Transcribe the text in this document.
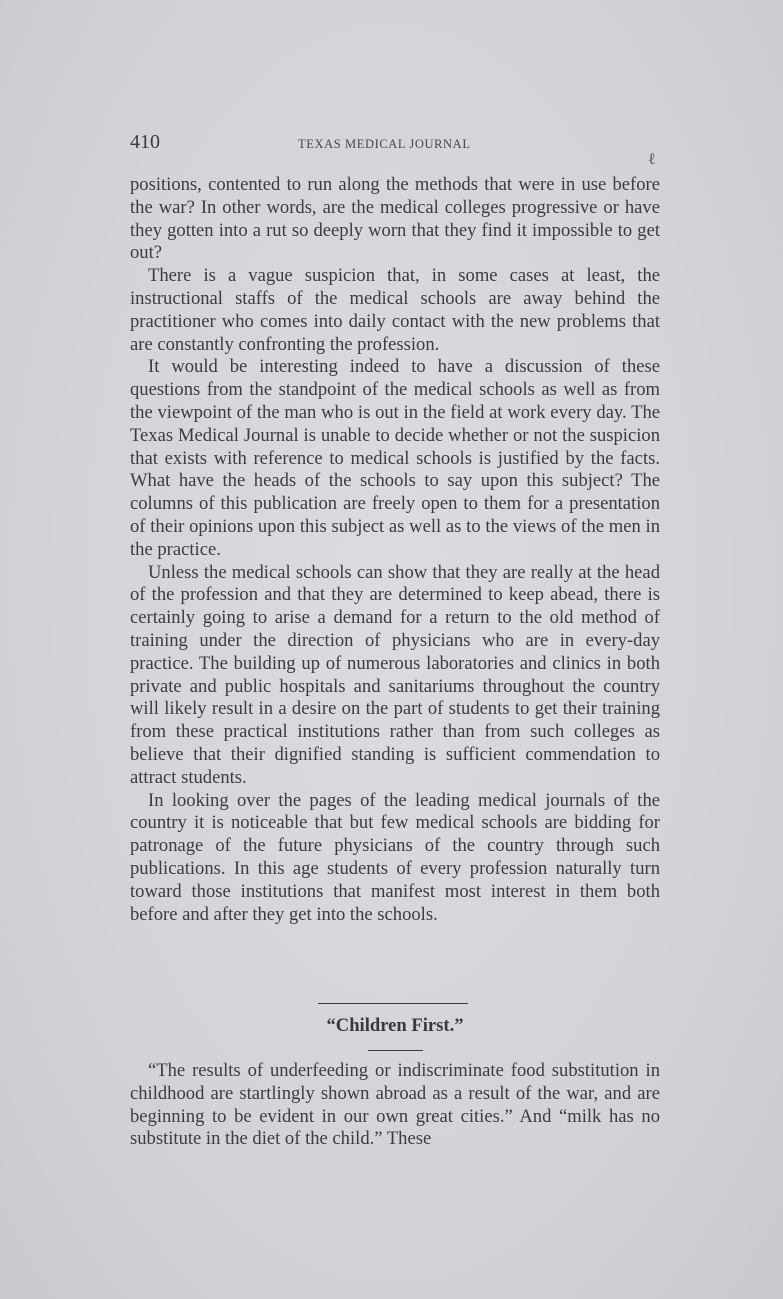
410	TEXAS MEDICAL JOURNAL
ℓ

positions, contented to run along the methods that were in use before the war? In other words, are the medical colleges progressive or have they gotten into a rut so deeply worn that they find it impossible to get out?

There is a vague suspicion that, in some cases at least, the instructional staffs of the medical schools are away behind the practitioner who comes into daily contact with the new problems that are constantly confronting the profession.

It would be interesting indeed to have a discussion of these questions from the standpoint of the medical schools as well as from the viewpoint of the man who is out in the field at work every day. The Texas Medical Journal is unable to decide whether or not the suspicion that exists with reference to medical schools is justified by the facts. What have the heads of the schools to say upon this subject? The columns of this publication are freely open to them for a presentation of their opinions upon this subject as well as to the views of the men in the practice.

Unless the medical schools can show that they are really at the head of the profession and that they are determined to keep abead, there is certainly going to arise a demand for a return to the old method of training under the direction of physicians who are in every-day practice. The building up of numerous laboratories and clinics in both private and public hospitals and sanitariums throughout the country will likely result in a desire on the part of students to get their training from these practical institutions rather than from such colleges as believe that their dignified standing is sufficient commendation to attract students.

In looking over the pages of the leading medical journals of the country it is noticeable that but few medical schools are bidding for patronage of the future physicians of the country through such publications. In this age students of every profession naturally turn toward those institutions that manifest most interest in them both before and after they get into the schools.

“Children First.”

“The results of underfeeding or indiscriminate food substitution in childhood are startlingly shown abroad as a result of the war, and are beginning to be evident in our own great cities.” And “milk has no substitute in the diet of the child.” These
